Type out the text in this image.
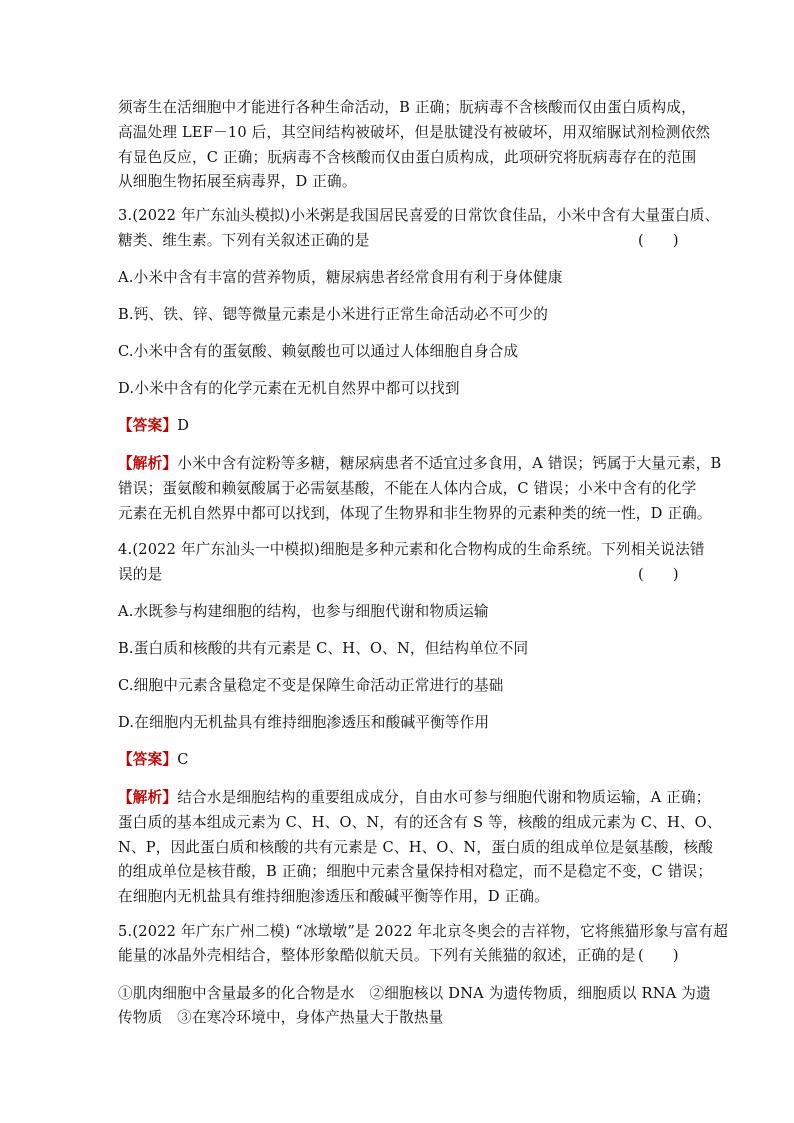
须寄生在活细胞中才能进行各种生命活动，B 正确；朊病毒不含核酸而仅由蛋白质构成，
高温处理 LEF－10 后，其空间结构被破坏，但是肽键没有被破坏，用双缩脲试剂检测依然
有显色反应，C 正确；朊病毒不含核酸而仅由蛋白质构成，此项研究将朊病毒存在的范围
从细胞生物拓展至病毒界，D 正确。
3.(2022 年广东汕头模拟)小米粥是我国居民喜爱的日常饮食佳品，小米中含有大量蛋白质、
糖类、维生素。下列有关叙述正确的是	(　　)
A.小米中含有丰富的营养物质，糖尿病患者经常食用有利于身体健康
B.钙、铁、锌、锶等微量元素是小米进行正常生命活动必不可少的
C.小米中含有的蛋氨酸、赖氨酸也可以通过人体细胞自身合成
D.小米中含有的化学元素在无机自然界中都可以找到
【答案】D
【解析】小米中含有淀粉等多糖，糖尿病患者不适宜过多食用，A 错误；钙属于大量元素，B
错误；蛋氨酸和赖氨酸属于必需氨基酸，不能在人体内合成，C 错误；小米中含有的化学
元素在无机自然界中都可以找到，体现了生物界和非生物界的元素种类的统一性，D 正确。
4.(2022 年广东汕头一中模拟)细胞是多种元素和化合物构成的生命系统。下列相关说法错
误的是	(　　)
A.水既参与构建细胞的结构，也参与细胞代谢和物质运输
B.蛋白质和核酸的共有元素是 C、H、O、N，但结构单位不同
C.细胞中元素含量稳定不变是保障生命活动正常进行的基础
D.在细胞内无机盐具有维持细胞渗透压和酸碱平衡等作用
【答案】C
【解析】结合水是细胞结构的重要组成成分，自由水可参与细胞代谢和物质运输，A 正确；
蛋白质的基本组成元素为 C、H、O、N，有的还含有 S 等，核酸的组成元素为 C、H、O、
N、P，因此蛋白质和核酸的共有元素是 C、H、O、N，蛋白质的组成单位是氨基酸，核酸
的组成单位是核苷酸，B 正确；细胞中元素含量保持相对稳定，而不是稳定不变，C 错误；
在细胞内无机盐具有维持细胞渗透压和酸碱平衡等作用，D 正确。
5.(2022 年广东广州二模) “冰墩墩”是 2022 年北京冬奥会的吉祥物，它将熊猫形象与富有超
能量的冰晶外壳相结合，整体形象酷似航天员。下列有关熊猫的叙述，正确的是 (　　)
①肌肉细胞中含量最多的化合物是水　②细胞核以 DNA 为遗传物质，细胞质以 RNA 为遗
传物质　③在寒冷环境中，身体产热量大于散热量
